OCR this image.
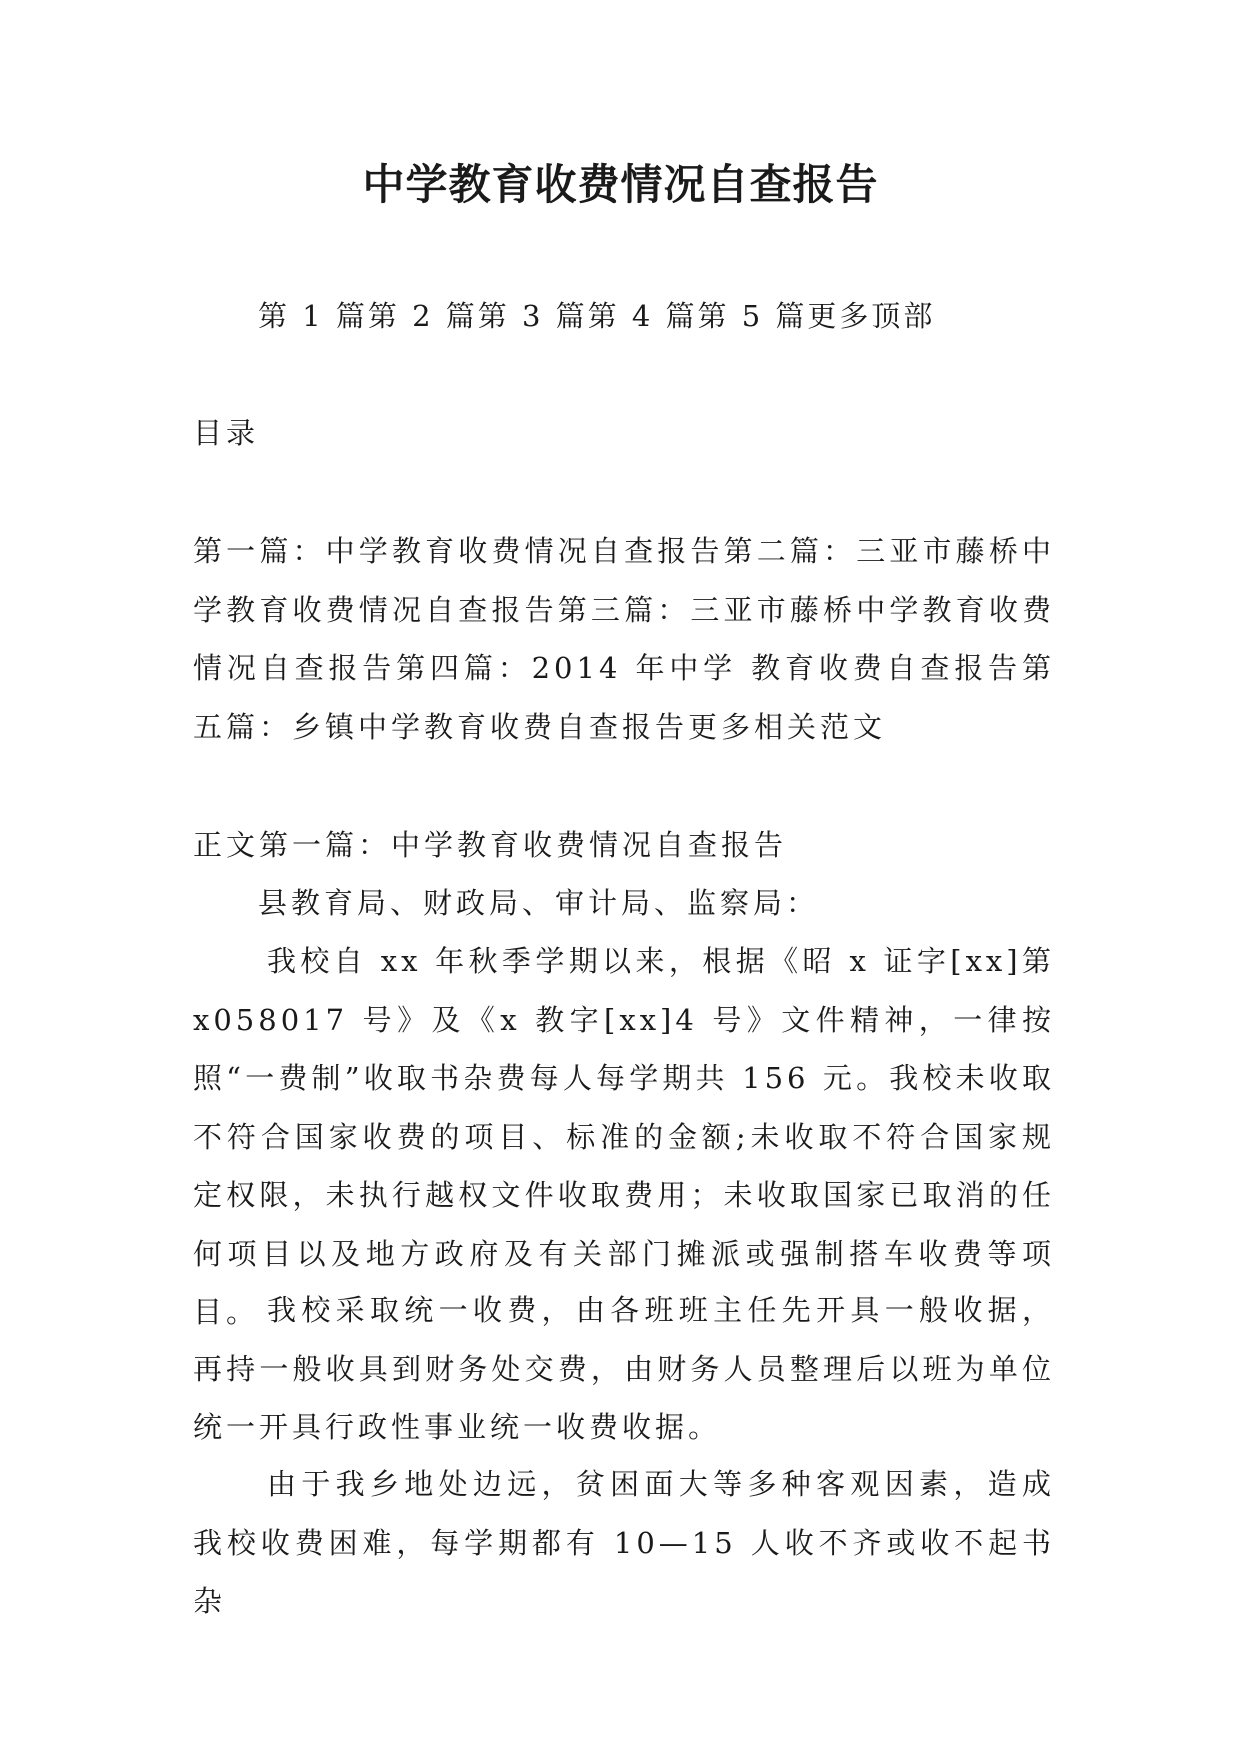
中学教育收费情况自查报告

第 1 篇第 2 篇第 3 篇第 4 篇第 5 篇更多顶部

目录

第一篇：中学教育收费情况自查报告第二篇：三亚市藤桥中学教育收费情况自查报告第三篇：三亚市藤桥中学教育收费情况自查报告第四篇：2014 年中学 教育收费自查报告第五篇：乡镇中学教育收费自查报告更多相关范文

正文第一篇：中学教育收费情况自查报告

县教育局、财政局、审计局、监察局：

我校自 xx 年秋季学期以来，根据《昭 x 证字[xx]第 x058017 号》及《x 教字[xx]4 号》文件精神，一律按照“一费制”收取书杂费每人每学期共 156 元。我校未收取不符合国家收费的项目、标准的金额;未收取不符合国家规定权限，未执行越权文件收取费用；未收取国家已取消的任何项目以及地方政府及有关部门摊派或强制搭车收费等项目。 我校采取统一收费，由各班班主任先开具一般收据，再持一般收具到财务处交费，由财务人员整理后以班为单位统一开具行政性事业统一收费收据。

由于我乡地处边远，贫困面大等多种客观因素，造成我校收费困难，每学期都有 10—15 人收不齐或收不起书杂
